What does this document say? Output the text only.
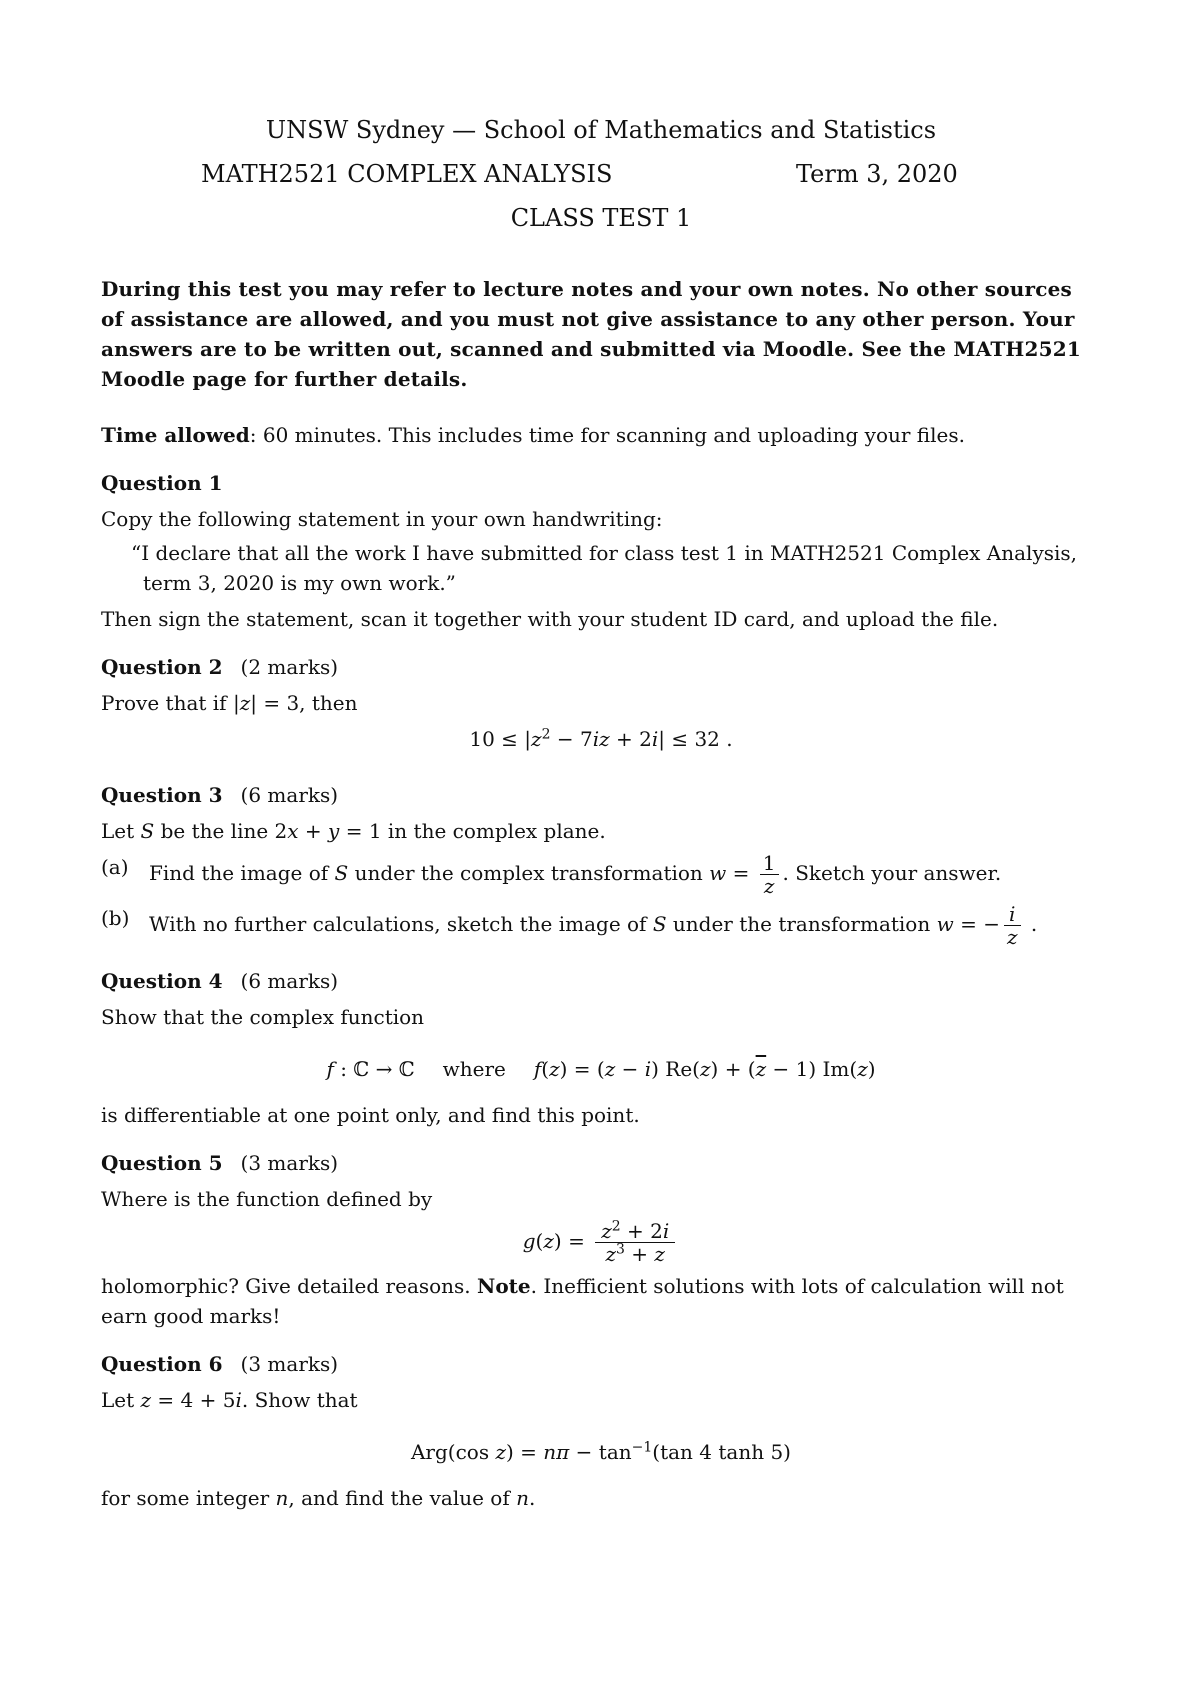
UNSW Sydney — School of Mathematics and Statistics
MATH2521 COMPLEX ANALYSIS	Term 3, 2020
CLASS TEST 1
During this test you may refer to lecture notes and your own notes. No other sources of assistance are allowed, and you must not give assistance to any other person. Your answers are to be written out, scanned and submitted via Moodle. See the MATH2521 Moodle page for further details.

Time allowed: 60 minutes. This includes time for scanning and uploading your files.

Question 1

Copy the following statement in your own handwriting:

“I declare that all the work I have submitted for class test 1 in MATH2521 Complex Analysis, term 3, 2020 is my own work.”

Then sign the statement, scan it together with your student ID card, and upload the file.

Question 2 (2 marks)

Prove that if |z| = 3, then

$10 \le |z^2 - 7iz + 2i| \le 32$ .
Question 3 (6 marks)

Let S be the line 2x + y = 1 in the complex plane.

(a) Find the image of S under the complex transformation $w = \frac{1}{z}$ . Sketch your answer.
(b) With no further calculations, sketch the image of S under the transformation w = − $\frac{i}{z}$ .
Question 4 (6 marks)

Show that the complex function

f : ℂ → ℂ where f(z) = (z − i) $Re(z) + (\overline{z} - 1)$ Im(z)

is differentiable at one point only, and find this point.

Question 5 (3 marks)

Where is the function defined by

$g(z) = \frac{z^2 + 2i}{z^3 + z}$

holomorphic? Give detailed reasons. Note. Inefficient solutions with lots of calculation will not earn good marks!

Question 6 (3 marks)

Let z = 4 + 5i. Show that

Arg(cos $z) = n\pi - \tan^{-1}(\tan$ 4 tanh 5)

for some integer n, and find the value of n.
